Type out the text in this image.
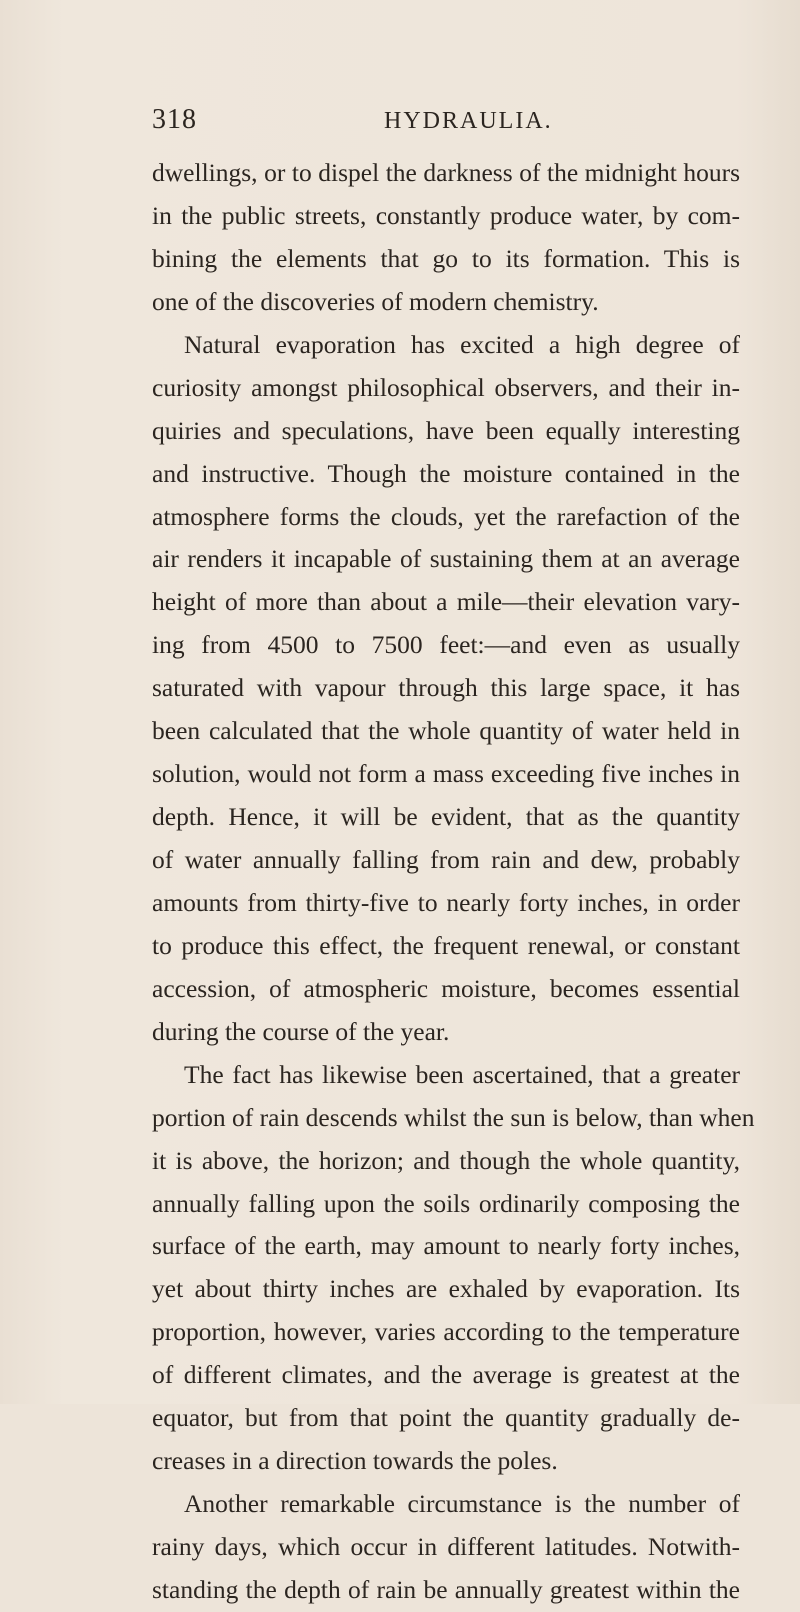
318	HYDRAULIA.
dwellings, or to dispel the darkness of the midnight hours
in the public streets, constantly produce water, by com-
bining the elements that go to its formation. This is
one of the discoveries of modern chemistry.
Natural evaporation has excited a high degree of
curiosity amongst philosophical observers, and their in-
quiries and speculations, have been equally interesting
and instructive. Though the moisture contained in the
atmosphere forms the clouds, yet the rarefaction of the
air renders it incapable of sustaining them at an average
height of more than about a mile—their elevation vary-
ing from 4500 to 7500 feet:—and even as usually
saturated with vapour through this large space, it has
been calculated that the whole quantity of water held in
solution, would not form a mass exceeding five inches in
depth. Hence, it will be evident, that as the quantity
of water annually falling from rain and dew, probably
amounts from thirty-five to nearly forty inches, in order
to produce this effect, the frequent renewal, or constant
accession, of atmospheric moisture, becomes essential
during the course of the year.
The fact has likewise been ascertained, that a greater
portion of rain descends whilst the sun is below, than when
it is above, the horizon; and though the whole quantity,
annually falling upon the soils ordinarily composing the
surface of the earth, may amount to nearly forty inches,
yet about thirty inches are exhaled by evaporation. Its
proportion, however, varies according to the temperature
of different climates, and the average is greatest at the
equator, but from that point the quantity gradually de-
creases in a direction towards the poles.
Another remarkable circumstance is the number of
rainy days, which occur in different latitudes. Notwith-
standing the depth of rain be annually greatest within the
